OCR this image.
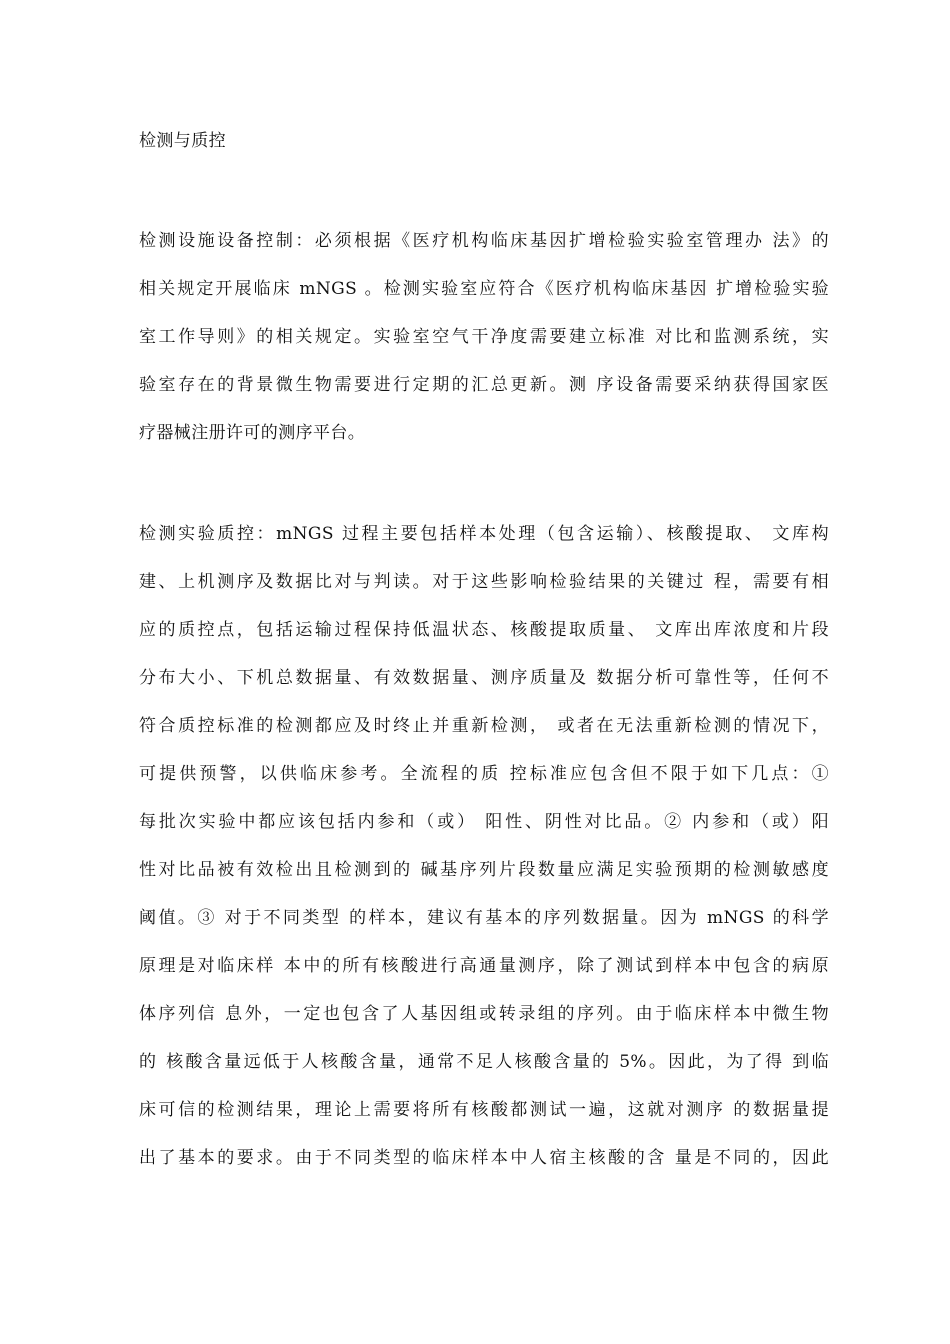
检测与质控
检测设施设备控制：必须根据《医疗机构临床基因扩增检验实验室管理办 法》的
相关规定开展临床 mNGS 。检测实验室应符合《医疗机构临床基因 扩增检验实验
室工作导则》的相关规定。实验室空气干净度需要建立标准 对比和监测系统，实
验室存在的背景微生物需要进行定期的汇总更新。测 序设备需要采纳获得国家医
疗器械注册许可的测序平台。
检测实验质控：mNGS 过程主要包括样本处理（包含运输）、核酸提取、 文库构
建、上机测序及数据比对与判读。对于这些影响检验结果的关键过 程，需要有相
应的质控点，包括运输过程保持低温状态、核酸提取质量、 文库出库浓度和片段
分布大小、下机总数据量、有效数据量、测序质量及 数据分析可靠性等，任何不
符合质控标准的检测都应及时终止并重新检测， 或者在无法重新检测的情况下，
可提供预警，以供临床参考。全流程的质 控标准应包含但不限于如下几点：①
每批次实验中都应该包括内参和（或） 阳性、阴性对比品。② 内参和（或）阳
性对比品被有效检出且检测到的 碱基序列片段数量应满足实验预期的检测敏感度
阈值。③ 对于不同类型 的样本，建议有基本的序列数据量。因为 mNGS 的科学
原理是对临床样 本中的所有核酸进行高通量测序，除了测试到样本中包含的病原
体序列信 息外，一定也包含了人基因组或转录组的序列。由于临床样本中微生物
的 核酸含量远低于人核酸含量，通常不足人核酸含量的 5%。因此，为了得 到临
床可信的检测结果，理论上需要将所有核酸都测试一遍，这就对测序 的数据量提
出了基本的要求。由于不同类型的临床样本中人宿主核酸的含 量是不同的，因此
